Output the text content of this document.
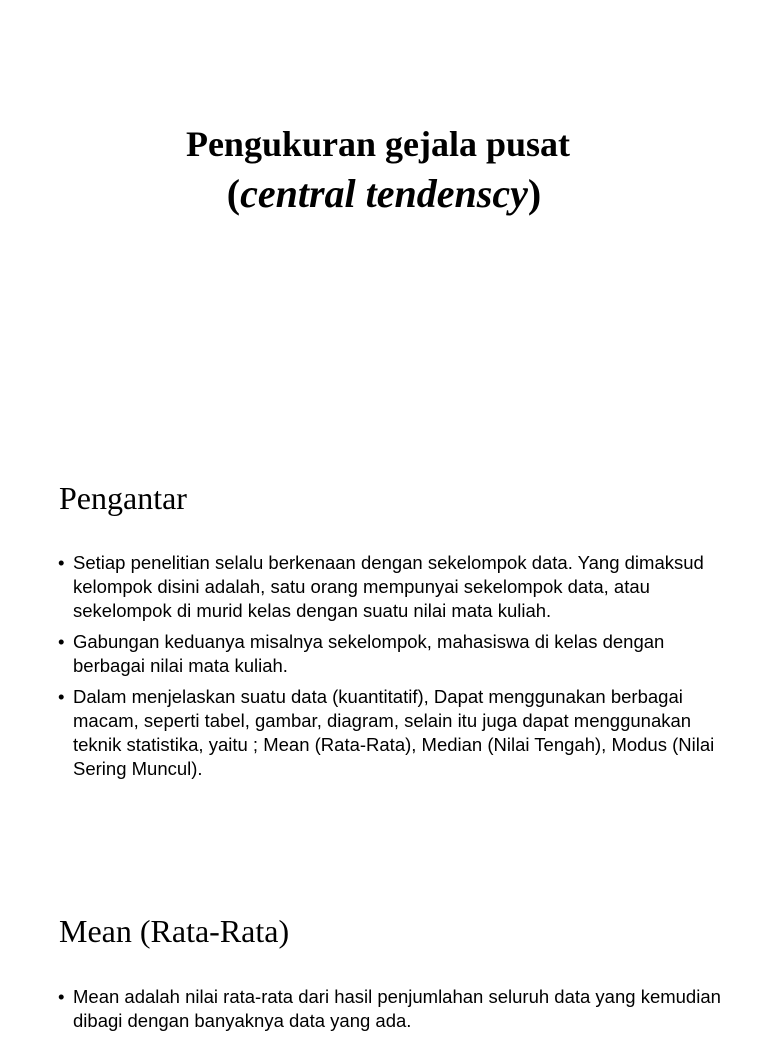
Pengukuran gejala pusat
(central tendenscy)
Pengantar
• Setiap penelitian selalu berkenaan dengan sekelompok data. Yang dimaksud kelompok disini adalah, satu orang mempunyai sekelompok data, atau sekelompok di murid kelas dengan suatu nilai mata kuliah.
• Gabungan keduanya misalnya sekelompok, mahasiswa di kelas dengan berbagai nilai mata kuliah.
• Dalam menjelaskan suatu data (kuantitatif), Dapat menggunakan berbagai macam, seperti tabel, gambar, diagram, selain itu juga dapat menggunakan teknik statistika, yaitu ; Mean (Rata-Rata), Median (Nilai Tengah), Modus (Nilai Sering Muncul).
Mean (Rata-Rata)
• Mean adalah nilai rata-rata dari hasil penjumlahan seluruh data yang kemudian dibagi dengan banyaknya data yang ada.
